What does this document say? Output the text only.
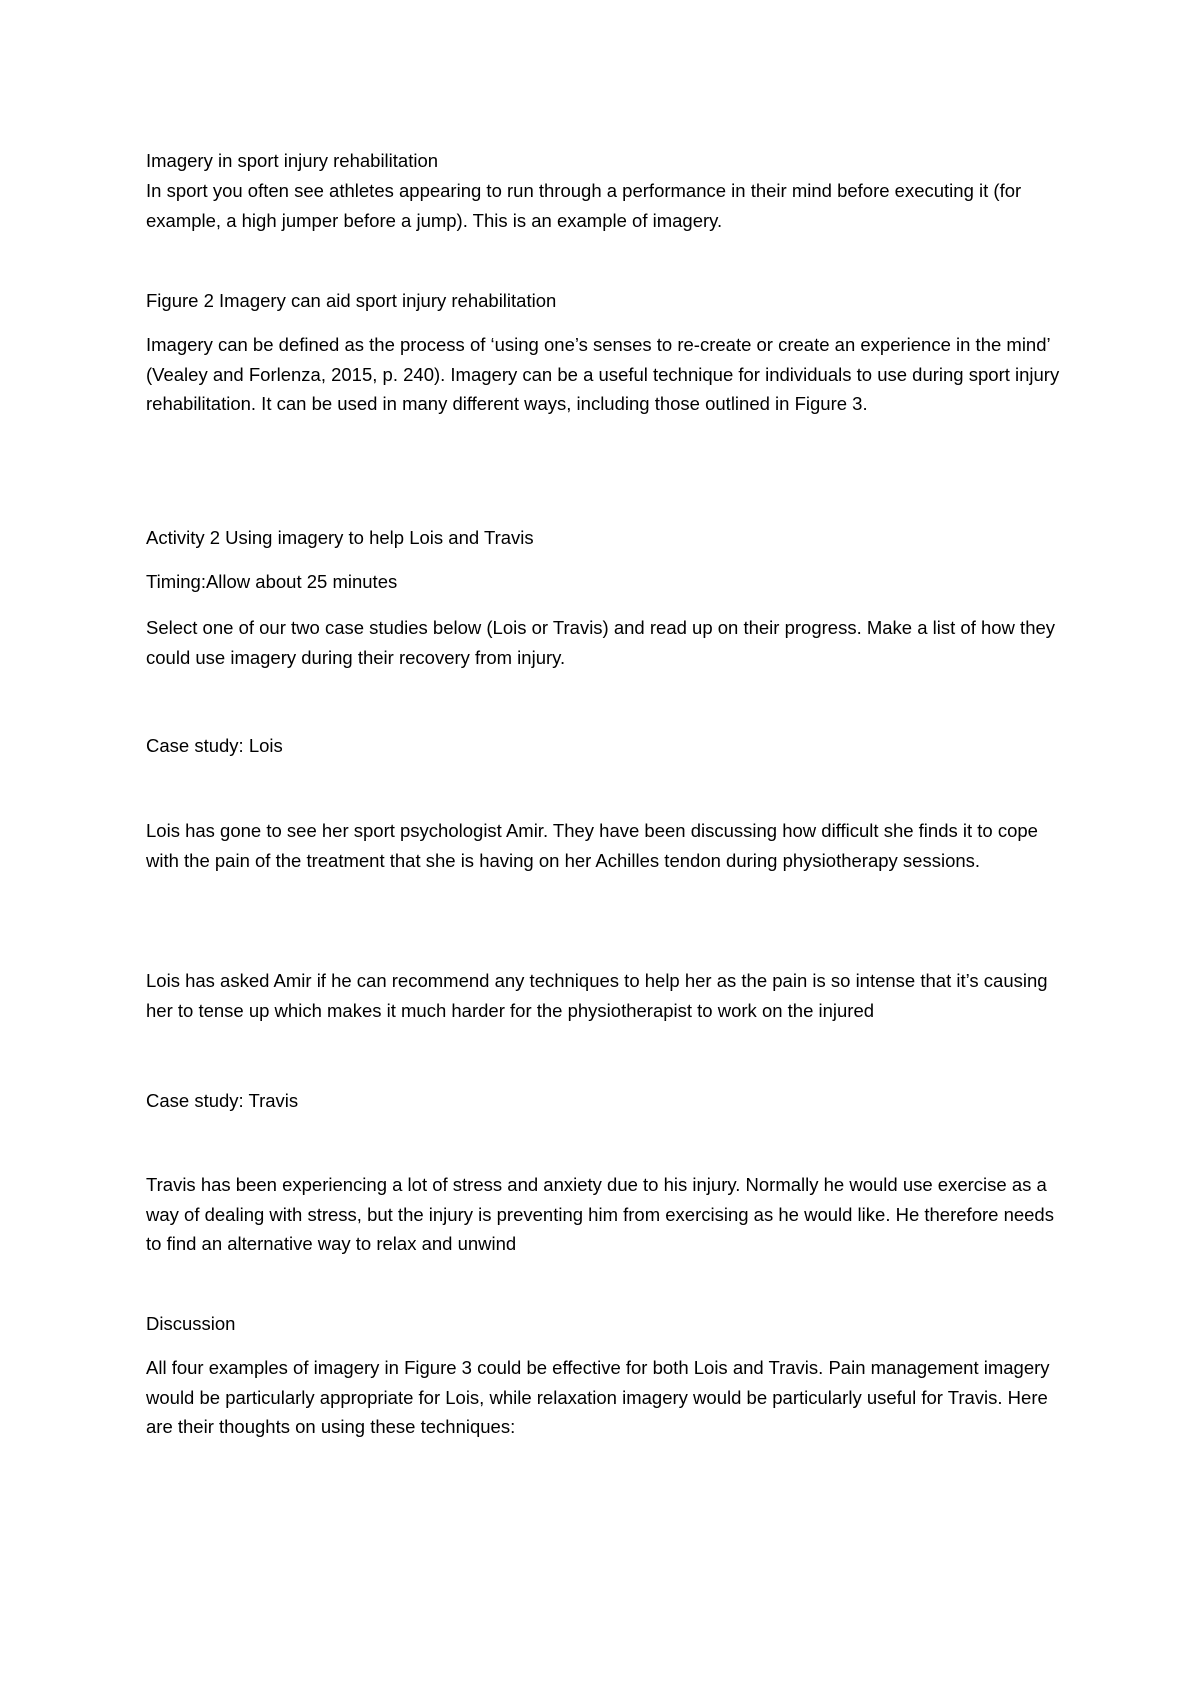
Imagery in sport injury rehabilitation

In sport you often see athletes appearing to run through a performance in their mind before executing it (for example, a high jumper before a jump). This is an example of imagery.

Figure 2 Imagery can aid sport injury rehabilitation

Imagery can be defined as the process of ‘using one’s senses to re-create or create an experience in the mind’ (Vealey and Forlenza, 2015, p. 240). Imagery can be a useful technique for individuals to use during sport injury rehabilitation. It can be used in many different ways, including those outlined in Figure 3.

Activity 2 Using imagery to help Lois and Travis

Timing:Allow about 25 minutes

Select one of our two case studies below (Lois or Travis) and read up on their progress. Make a list of how they could use imagery during their recovery from injury.

Case study: Lois

Lois has gone to see her sport psychologist Amir. They have been discussing how difficult she finds it to cope with the pain of the treatment that she is having on her Achilles tendon during physiotherapy sessions.

Lois has asked Amir if he can recommend any techniques to help her as the pain is so intense that it’s causing her to tense up which makes it much harder for the physiotherapist to work on the injured

Case study: Travis

Travis has been experiencing a lot of stress and anxiety due to his injury. Normally he would use exercise as a way of dealing with stress, but the injury is preventing him from exercising as he would like. He therefore needs to find an alternative way to relax and unwind

Discussion

All four examples of imagery in Figure 3 could be effective for both Lois and Travis. Pain management imagery would be particularly appropriate for Lois, while relaxation imagery would be particularly useful for Travis. Here are their thoughts on using these techniques:
